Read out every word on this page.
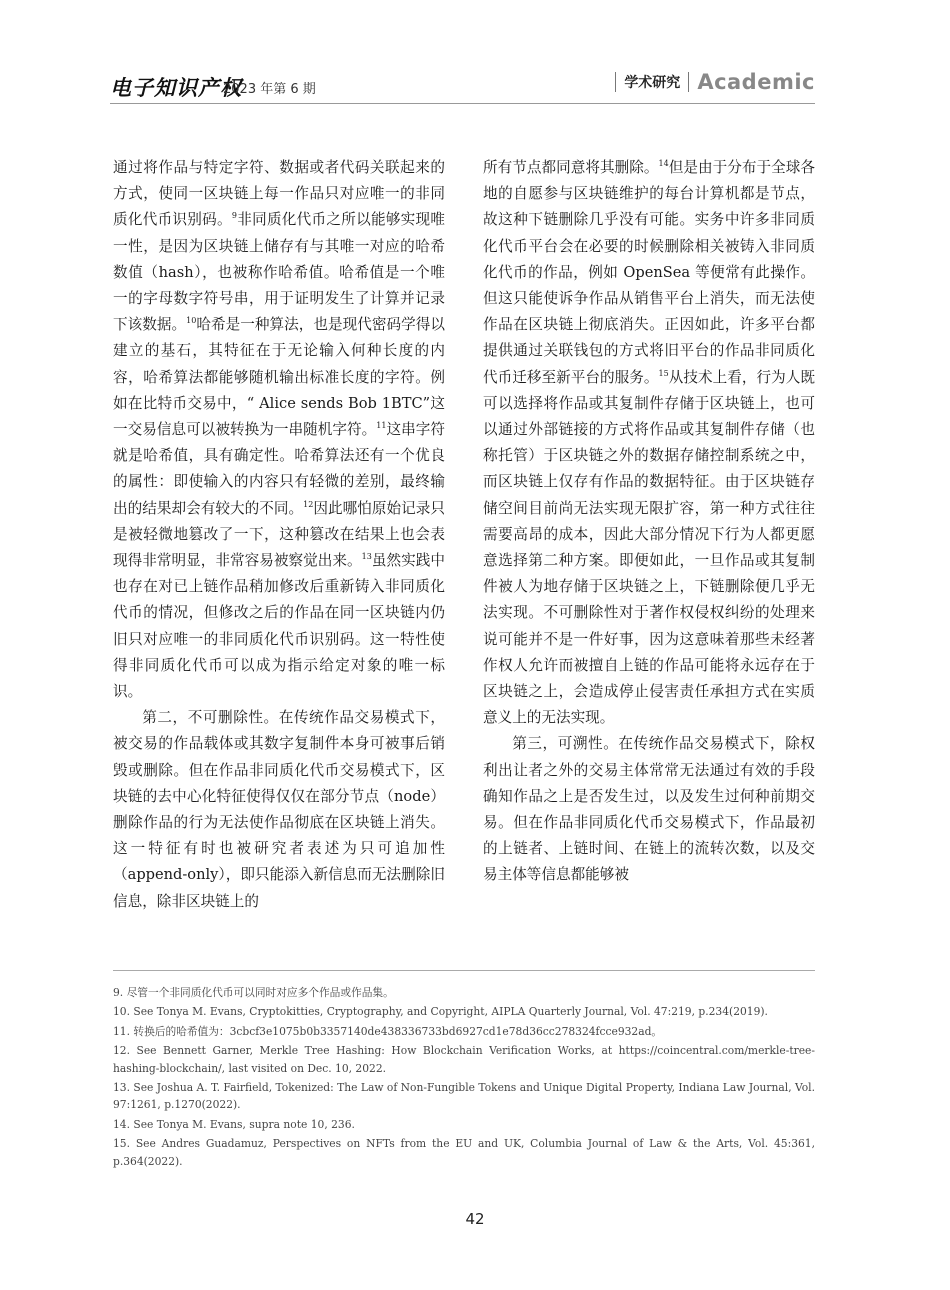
电子知识产权
2023 年第 6 期	学术研究 Academic

通过将作品与特定字符、数据或者代码关联起来的方式，使同一区块链上每一作品只对应唯一的非同质化代币识别码。$^9$非同质化代币之所以能够实现唯一性，是因为区块链上储存有与其唯一对应的哈希数值（hash），也被称作哈希值。哈希值是一个唯一的字母数字符号串，用于证明发生了计算并记录下该数据。$^{10}$哈希是一种算法，也是现代密码学得以建立的基石，其特征在于无论输入何种长度的内容，哈希算法都能够随机输出标准长度的字符。例如在比特币交易中，“ Alice sends Bob 1BTC”这一交易信息可以被转换为一串随机字符。$^{11}$这串字符就是哈希值，具有确定性。哈希算法还有一个优良的属性：即使输入的内容只有轻微的差别，最终输出的结果却会有较大的不同。$^{12}$因此哪怕原始记录只是被轻微地篡改了一下，这种篡改在结果上也会表现得非常明显，非常容易被察觉出来。$^{13}$虽然实践中也存在对已上链作品稍加修改后重新铸入非同质化代币的情况，但修改之后的作品在同一区块链内仍旧只对应唯一的非同质化代币识别码。这一特性使得非同质化代币可以成为指示给定对象的唯一标识。

第二，不可删除性。在传统作品交易模式下，被交易的作品载体或其数字复制件本身可被事后销毁或删除。但在作品非同质化代币交易模式下，区块链的去中心化特征使得仅仅在部分节点（node）删除作品的行为无法使作品彻底在区块链上消失。这一特征有时也被研究者表述为只可追加性（append-only），即只能添入新信息而无法删除旧信息，除非区块链上的

所有节点都同意将其删除。$^{14}$但是由于分布于全球各地的自愿参与区块链维护的每台计算机都是节点，故这种下链删除几乎没有可能。实务中许多非同质化代币平台会在必要的时候删除相关被铸入非同质化代币的作品，例如 OpenSea 等便常有此操作。但这只能使诉争作品从销售平台上消失，而无法使作品在区块链上彻底消失。正因如此，许多平台都提供通过关联钱包的方式将旧平台的作品非同质化代币迁移至新平台的服务。$^{15}$从技术上看，行为人既可以选择将作品或其复制件存储于区块链上，也可以通过外部链接的方式将作品或其复制件存储（也称托管）于区块链之外的数据存储控制系统之中，而区块链上仅存有作品的数据特征。由于区块链存储空间目前尚无法实现无限扩容，第一种方式往往需要高昂的成本，因此大部分情况下行为人都更愿意选择第二种方案。即便如此，一旦作品或其复制件被人为地存储于区块链之上，下链删除便几乎无法实现。不可删除性对于著作权侵权纠纷的处理来说可能并不是一件好事，因为这意味着那些未经著作权人允许而被擅自上链的作品可能将永远存在于区块链之上，会造成停止侵害责任承担方式在实质意义上的无法实现。

第三，可溯性。在传统作品交易模式下，除权利出让者之外的交易主体常常无法通过有效的手段确知作品之上是否发生过，以及发生过何种前期交易。但在作品非同质化代币交易模式下，作品最初的上链者、上链时间、在链上的流转次数，以及交易主体等信息都能够被

9. 尽管一个非同质化代币可以同时对应多个作品或作品集。
10. See Tonya M. Evans, Cryptokitties, Cryptography, and Copyright, AIPLA Quarterly Journal, Vol. 47:219, p.234(2019).
11. 转换后的哈希值为：3cbcf3e1075b0b3357140de438336733bd6927cd1e78d36cc278324fcce932ad。
12. See Bennett Garner, Merkle Tree Hashing: How Blockchain Verification Works, at https://coincentral.com/merkle-tree-hashing-blockchain/, last visited on Dec. 10, 2022.
13. See Joshua A. T. Fairfield, Tokenized: The Law of Non-Fungible Tokens and Unique Digital Property, Indiana Law Journal, Vol. 97:1261, p.1270(2022).
14. See Tonya M. Evans, supra note 10, 236.
15. See Andres Guadamuz, Perspectives on NFTs from the EU and UK, Columbia Journal of Law & the Arts, Vol. 45:361, p.364(2022).
42
